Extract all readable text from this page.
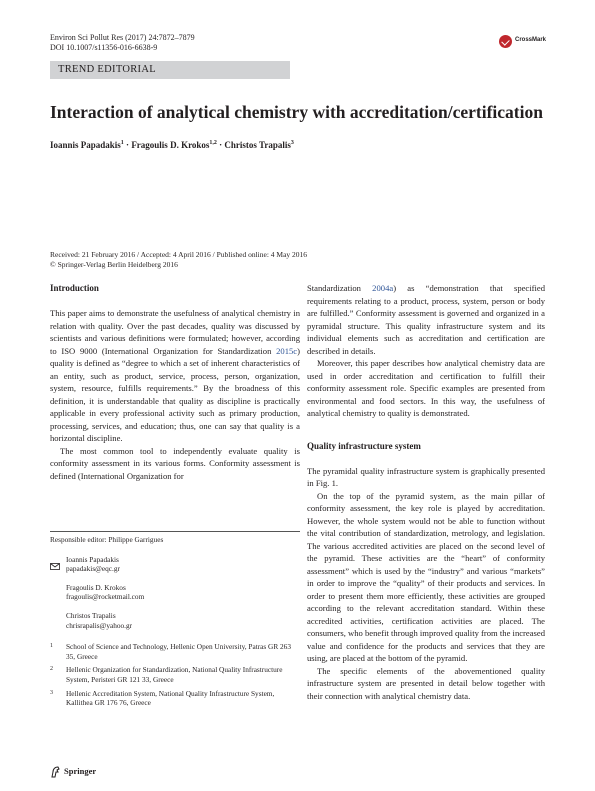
Environ Sci Pollut Res (2017) 24:7872–7879
DOI 10.1007/s11356-016-6638-9
CrossMark
TREND EDITORIAL
Interaction of analytical chemistry with accreditation/certification
Ioannis Papadakis$^1$ · Fragoulis D. Krokos$^{1,2}$ · Christos Trapalis$^3$
Received: 21 February 2016 / Accepted: 4 April 2016 / Published online: 4 May 2016
© Springer-Verlag Berlin Heidelberg 2016
Introduction

This paper aims to demonstrate the usefulness of analytical chemistry in relation with quality. Over the past decades, quality was discussed by scientists and various definitions were formulated; however, according to ISO 9000 (International Organization for Standardization 2015c) quality is defined as “degree to which a set of inherent characteristics of an entity, such as product, service, process, person, organization, system, resource, fulfills requirements.” By the broadness of this definition, it is understandable that quality as discipline is practically applicable in every professional activity such as primary production, processing, services, and education; thus, one can say that quality is a horizontal discipline.

The most common tool to independently evaluate quality is conformity assessment in its various forms. Conformity assessment is defined (International Organization for

Responsible editor: Philippe Garrigues
Ioannis Papadakis
papadakis@eqc.gr
Fragoulis D. Krokos
fragoulis@rocketmail.com
Christos Trapalis
chrisrapalis@yahoo.gr
1	School of Science and Technology, Hellenic Open University, Patras GR 263 35, Greece
2	Hellenic Organization for Standardization, National Quality Infrastructure System, Peristeri GR 121 33, Greece
3	Hellenic Accreditation System, National Quality Infrastructure System, Kallithea GR 176 76, Greece
Springer

Standardization 2004a) as “demonstration that specified requirements relating to a product, process, system, person or body are fulfilled.” Conformity assessment is governed and organized in a pyramidal structure. This quality infrastructure system and its individual elements such as accreditation and certification are described in details.

Moreover, this paper describes how analytical chemistry data are used in order accreditation and certification to fulfill their conformity assessment role. Specific examples are presented from environmental and food sectors. In this way, the usefulness of analytical chemistry to quality is demonstrated.

Quality infrastructure system

The pyramidal quality infrastructure system is graphically presented in Fig. 1.

On the top of the pyramid system, as the main pillar of conformity assessment, the key role is played by accreditation. However, the whole system would not be able to function without the vital contribution of standardization, metrology, and legislation. The various accredited activities are placed on the second level of the pyramid. These activities are the “heart” of conformity assessment” which is used by the “industry” and various “markets” in order to improve the “quality” of their products and services. In order to present them more efficiently, these activities are grouped according to the relevant accreditation standard. Within these accredited activities, certification activities are placed. The consumers, who benefit through improved quality from the increased value and confidence for the products and services that they are using, are placed at the bottom of the pyramid.

The specific elements of the abovementioned quality infrastructure system are presented in detail below together with their connection with analytical chemistry data.
